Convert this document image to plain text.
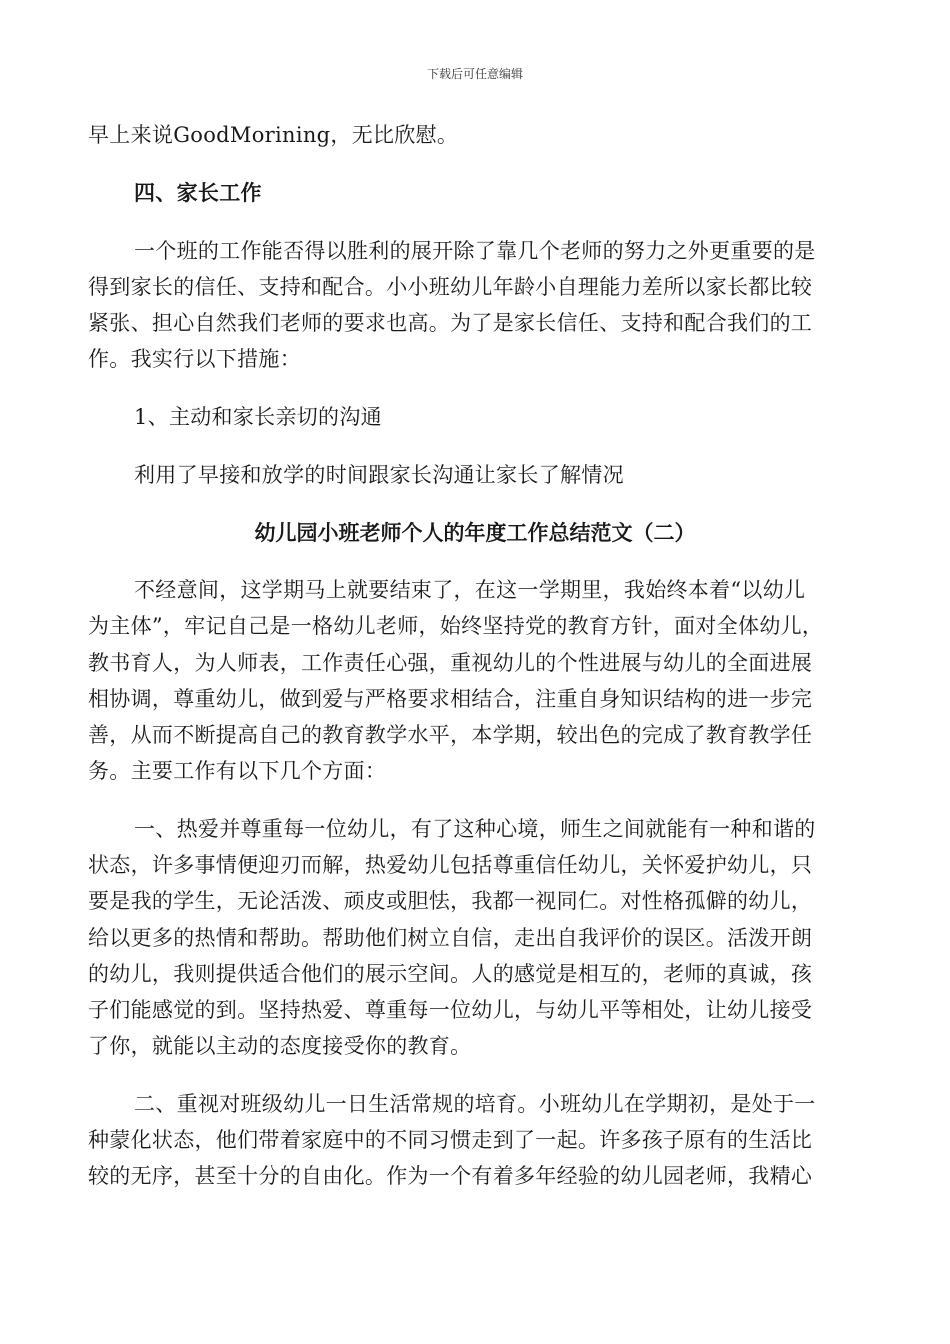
下载后可任意编辑
早上来说GoodMorining，无比欣慰。
四、家长工作
一个班的工作能否得以胜利的展开除了靠几个老师的努力之外更重要的是
得到家长的信任、支持和配合。小小班幼儿年龄小自理能力差所以家长都比较
紧张、担心自然我们老师的要求也高。为了是家长信任、支持和配合我们的工
作。我实行以下措施：
1、主动和家长亲切的沟通
利用了早接和放学的时间跟家长沟通让家长了解情况
幼儿园小班老师个人的年度工作总结范文（二）
不经意间，这学期马上就要结束了，在这一学期里，我始终本着“以幼儿
为主体”，牢记自己是一格幼儿老师，始终坚持党的教育方针，面对全体幼儿，
教书育人，为人师表，工作责任心强，重视幼儿的个性进展与幼儿的全面进展
相协调，尊重幼儿，做到爱与严格要求相结合，注重自身知识结构的进一步完
善，从而不断提高自己的教育教学水平，本学期，较出色的完成了教育教学任
务。主要工作有以下几个方面：
一、热爱并尊重每一位幼儿，有了这种心境，师生之间就能有一种和谐的
状态，许多事情便迎刃而解，热爱幼儿包括尊重信任幼儿，关怀爱护幼儿，只
要是我的学生，无论活泼、顽皮或胆怯，我都一视同仁。对性格孤僻的幼儿，
给以更多的热情和帮助。帮助他们树立自信，走出自我评价的误区。活泼开朗
的幼儿，我则提供适合他们的展示空间。人的感觉是相互的，老师的真诚，孩
子们能感觉的到。坚持热爱、尊重每一位幼儿，与幼儿平等相处，让幼儿接受
了你，就能以主动的态度接受你的教育。
二、重视对班级幼儿一日生活常规的培育。小班幼儿在学期初，是处于一
种蒙化状态，他们带着家庭中的不同习惯走到了一起。许多孩子原有的生活比
较的无序，甚至十分的自由化。作为一个有着多年经验的幼儿园老师，我精心
